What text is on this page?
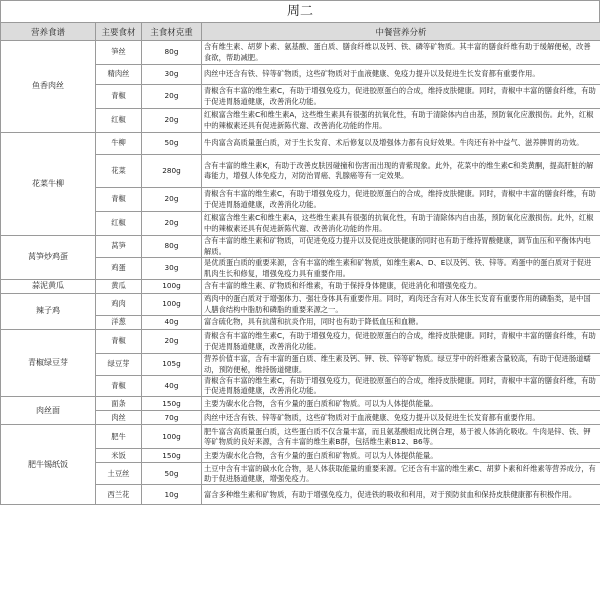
周二
营养食谱	主要食材	主食材克重	中餐营养分析
鱼香肉丝	笋丝	80g	含有维生素、胡萝卜素、氨基酸、蛋白质、膳食纤维以及钙、铁、磷等矿物质。其丰富的膳食纤维有助于缓解便秘，改善食欲，帮助减肥。
	精肉丝	30g	肉丝中还含有铁、锌等矿物质，这些矿物质对于血液健康、免疫力提升以及促进生长发育都有重要作用。
	青椒	20g	青椒含有丰富的维生素C，有助于增强免疫力，促进胶原蛋白的合成，维持皮肤健康。同时，青椒中丰富的膳食纤维，有助于促进胃肠道健康，改善消化功能。
	红椒	20g	红椒富含维生素C和维生素A，这些维生素具有很强的抗氧化性，有助于清除体内自由基，预防氧化应激损伤。此外，红椒中的辣椒素还具有促进新陈代谢、改善消化功能的作用。
花菜牛柳	牛柳	50g	牛肉富含高质量蛋白质，对于生长发育、术后修复以及增强体力都有良好效果。牛肉还有补中益气、滋养脾胃的功效。
	花菜	280g	含有丰富的维生素K，有助于改善皮肤因碰撞和伤害而出现的青紫现象。此外，花菜中的维生素C和类黄酮，提高肝脏的解毒能力，增强人体免疫力，对防治胃癌、乳腺癌等有一定效果。
	青椒	20g	青椒含有丰富的维生素C，有助于增强免疫力，促进胶原蛋白的合成，维持皮肤健康。同时，青椒中丰富的膳食纤维，有助于促进胃肠道健康，改善消化功能。
	红椒	20g	红椒富含维生素C和维生素A，这些维生素具有很强的抗氧化性，有助于清除体内自由基，预防氧化应激损伤。此外，红椒中的辣椒素还具有促进新陈代谢、改善消化功能的作用。
莴笋炒鸡蛋	莴笋	80g	含有丰富的维生素和矿物质，可促进免疫力提升以及促进皮肤健康的同时也有助于维持胃酸健康，调节血压和平衡体内电解质。
	鸡蛋	30g	是优质蛋白质的重要来源，含有丰富的维生素和矿物质，如维生素A、D、E以及钙、铁、锌等。鸡蛋中的蛋白质对于促进肌肉生长和修复，增强免疫力具有重要作用。
蒜泥黄瓜	黄瓜	100g	含有丰富的维生素、矿物质和纤维素，有助于保持身体健康，促进消化和增强免疫力。
辣子鸡	鸡肉	100g	鸡肉中的蛋白质对于增强体力、强壮身体具有重要作用。同时，鸡肉还含有对人体生长发育有重要作用的磷脂类，是中国人膳食结构中脂肪和磷脂的重要来源之一。
	洋葱	40g	富含硫化物，具有抗菌和抗炎作用，同时也有助于降低血压和血糖。
青椒绿豆芽	青椒	20g	青椒含有丰富的维生素C，有助于增强免疫力，促进胶原蛋白的合成，维持皮肤健康。同时，青椒中丰富的膳食纤维，有助于促进胃肠道健康，改善消化功能。
	绿豆芽	105g	营养价值丰富，含有丰富的蛋白质、维生素及钙、钾、铁、锌等矿物质。绿豆芽中的纤维素含量较高，有助于促进肠道蠕动，预防便秘，维持肠道健康。
	青椒	40g	青椒含有丰富的维生素C，有助于增强免疫力，促进胶原蛋白的合成，维持皮肤健康。同时，青椒中丰富的膳食纤维，有助于促进胃肠道健康，改善消化功能。
肉丝面	面条	150g	主要为碳水化合物，含有少量的蛋白质和矿物质。可以为人体提供能量。
	肉丝	70g	肉丝中还含有铁、锌等矿物质，这些矿物质对于血液健康、免疫力提升以及促进生长发育都有重要作用。
肥牛锡纸饭	肥牛	100g	肥牛富含高质量蛋白质，这些蛋白质不仅含量丰富，而且氨基酸组成比例合理，易于被人体消化吸收。牛肉是锌、铁、钾等矿物质的良好来源，含有丰富的维生素B群，包括维生素B12、B6等。
	米饭	150g	主要为碳水化合物，含有少量的蛋白质和矿物质。可以为人体提供能量。
	土豆丝	50g	土豆中含有丰富的碳水化合物，是人体获取能量的重要来源。它还含有丰富的维生素C、胡萝卜素和纤维素等营养成分，有助于促进肠道健康，增强免疫力。
	西兰花	10g	富含多种维生素和矿物质，有助于增强免疫力，促进铁的吸收和利用，对于预防贫血和保持皮肤健康都有积极作用。
